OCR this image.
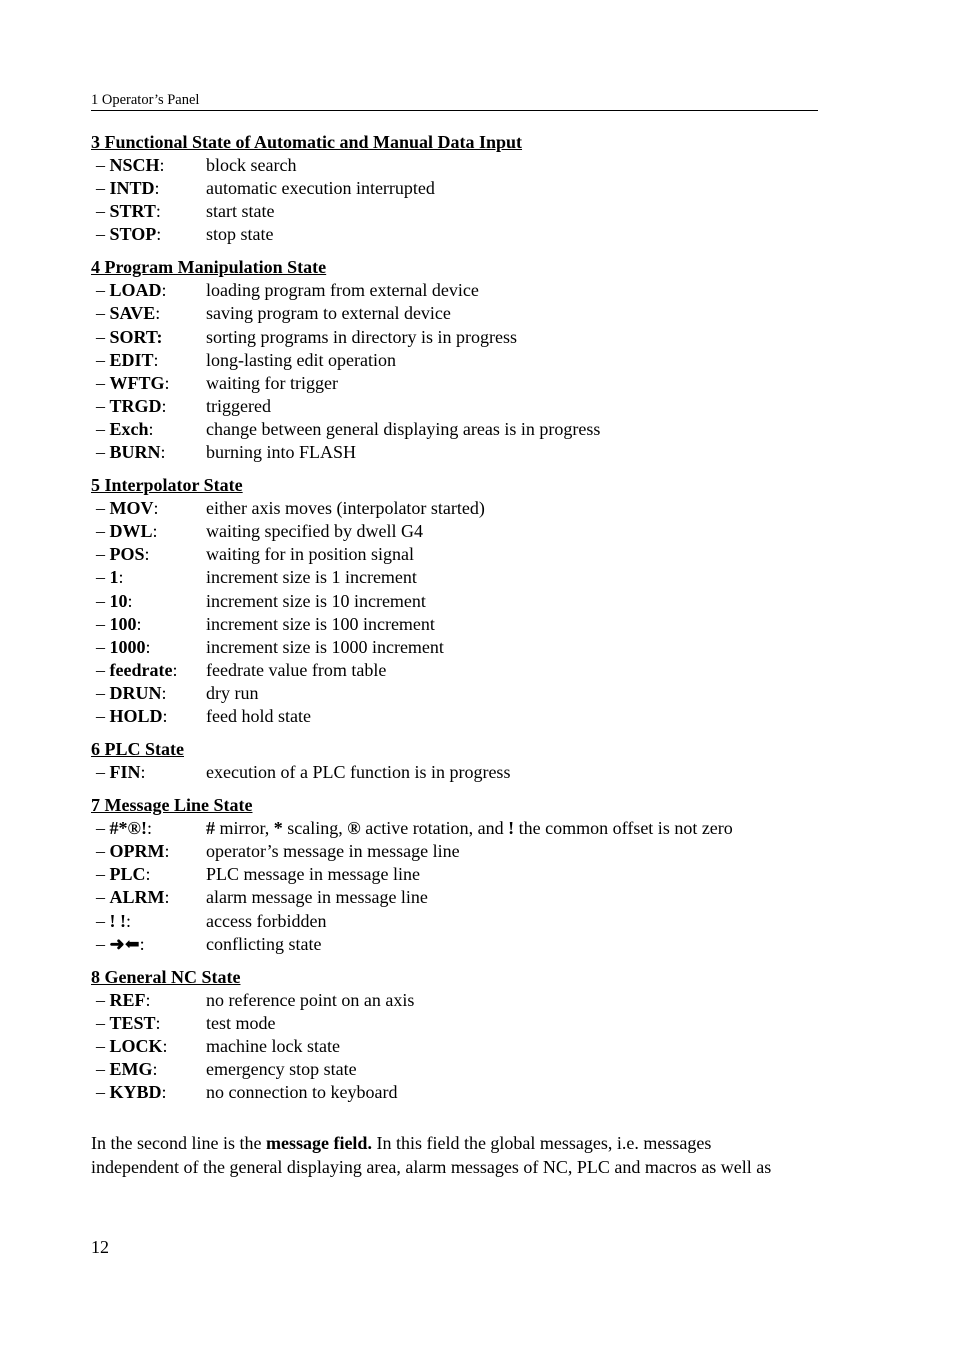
1 Operator’s Panel
3 Functional State of Automatic and Manual Data Input
– NSCH:	block search
– INTD:	automatic execution interrupted
– STRT:	start state
– STOP:	stop state
4 Program Manipulation State
– LOAD:	loading program from external device
– SAVE:	saving program to external device
– SORT:	sorting programs in directory is in progress
– EDIT:	long-lasting edit operation
– WFTG:	waiting for trigger
– TRGD:	triggered
– Exch:	change between general displaying areas is in progress
– BURN:	burning into FLASH
5 Interpolator State
– MOV:	either axis moves (interpolator started)
– DWL:	waiting specified by dwell G4
– POS:	waiting for in position signal
– 1:	increment size is 1 increment
– 10:	increment size is 10 increment
– 100:	increment size is 100 increment
– 1000:	increment size is 1000 increment
– feedrate:	feedrate value from table
– DRUN:	dry run
– HOLD:	feed hold state
6 PLC State
– FIN:	execution of a PLC function is in progress
7 Message Line State
– #*®!:	# mirror, * scaling, ® active rotation, and ! the common offset is not zero
– OPRM:	operator’s message in message line
– PLC:	PLC message in message line
– ALRM:	alarm message in message line
– ! !:	access forbidden
– ➜⬅:	conflicting state
8 General NC State
– REF:	no reference point on an axis
– TEST:	test mode
– LOCK:	machine lock state
– EMG:	emergency stop state
– KYBD:	no connection to keyboard
In the second line is the message field. In this field the global messages, i.e. messages
independent of the general displaying area, alarm messages of NC, PLC and macros as well as
12
